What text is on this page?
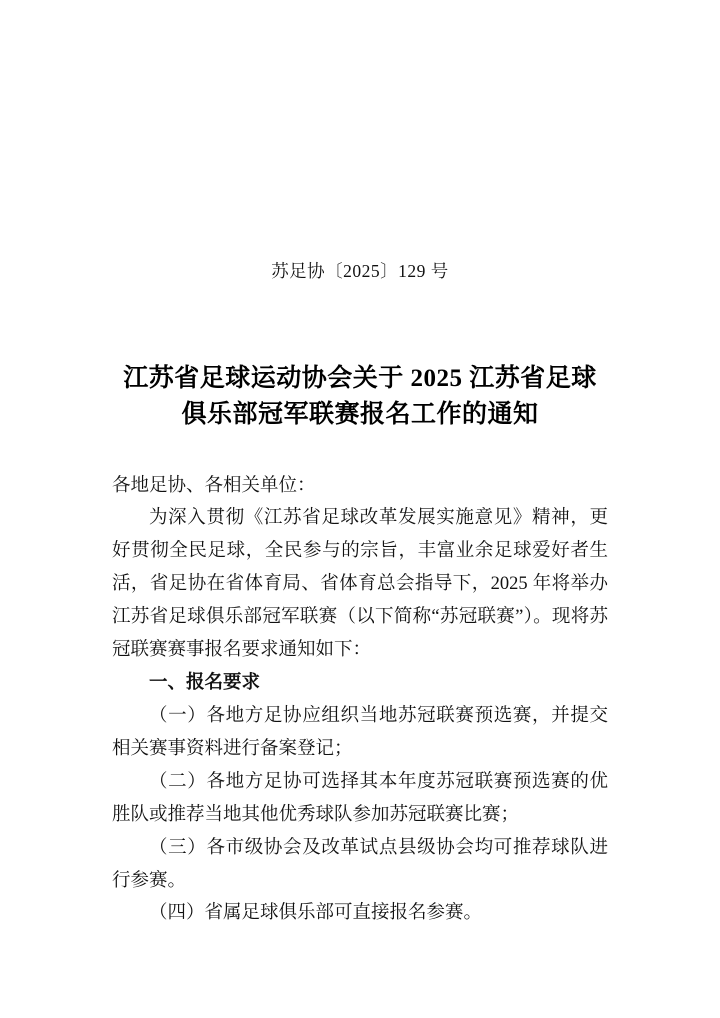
苏足协〔2025〕129 号
江苏省足球运动协会关于 2025 江苏省足球俱乐部冠军联赛报名工作的通知

各地足协、各相关单位：

为深入贯彻《江苏省足球改革发展实施意见》精神，更好贯彻全民足球，全民参与的宗旨，丰富业余足球爱好者生活，省足协在省体育局、省体育总会指导下，2025 年将举办江苏省足球俱乐部冠军联赛（以下简称“苏冠联赛”）。现将苏冠联赛赛事报名要求通知如下：

一、报名要求

（一）各地方足协应组织当地苏冠联赛预选赛，并提交相关赛事资料进行备案登记；

（二）各地方足协可选择其本年度苏冠联赛预选赛的优胜队或推荐当地其他优秀球队参加苏冠联赛比赛；

（三）各市级协会及改革试点县级协会均可推荐球队进行参赛。

（四）省属足球俱乐部可直接报名参赛。
